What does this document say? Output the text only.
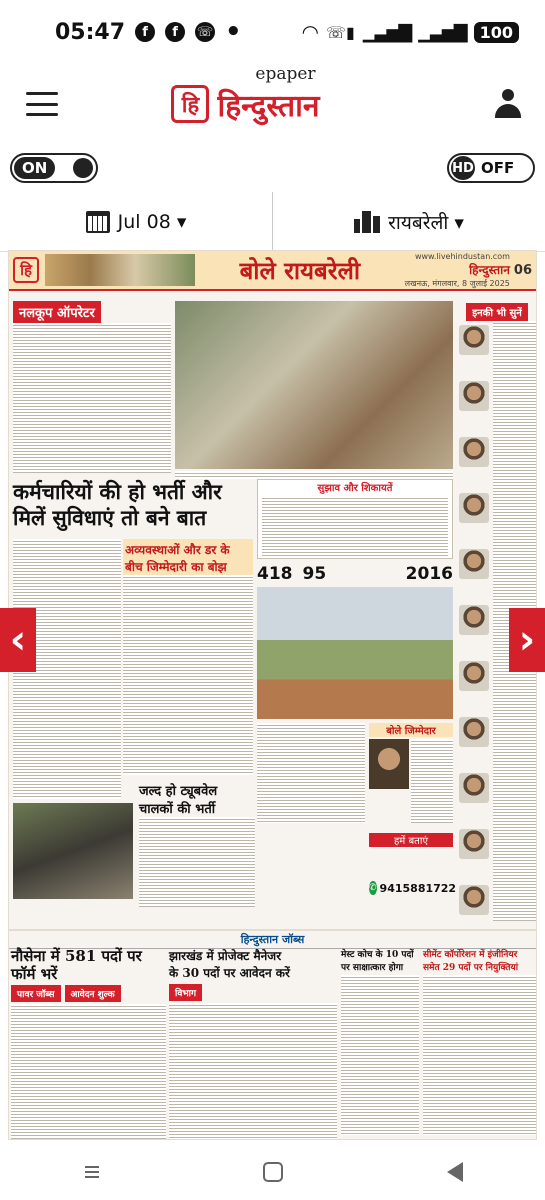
05:47	f	f	☏ •	◠ ☏▮ ▁▃▅▇ ▁▃▅▇ 100
हि
epaper
हिन्दुस्तान
ON	HD OFF
Jul 08 ▾	रायबरेली ▾
हि	बोले रायबरेली	www.livehindustan.com
हिन्दुस्तान
लखनऊ, मंगलवार, 8 जुलाई 2025
06
नलकूप ऑपरेटर	इनकी भी सुनें
कर्मचारियों की हो भर्ती और
मिलें सुविधाएं तो बने बात
सुझाव और शिकायतें
418 95	2016
अव्यवस्थाओं और डर के
बीच जिम्मेदारी का बोझ
जल्द हो ट्यूबवेल
चालकों की भर्ती
बोले जिम्मेदार
हमें बताएं
✆ 9415881722
हिन्दुस्तान जॉब्स
नौसेना में 581 पदों पर फॉर्म भरें
पावर जॉब्स	आवेदन शुल्क
झारखंड में प्रोजेक्ट मैनेजर
के 30 पदों पर आवेदन करें
विभाग
मेस्ट कोच के 10 पदों
पर साक्षात्कार होगा
सीमेंट कॉर्पोरेशन में इंजीनियर
समेत 29 पदों पर नियुक्तियां
‹	›
